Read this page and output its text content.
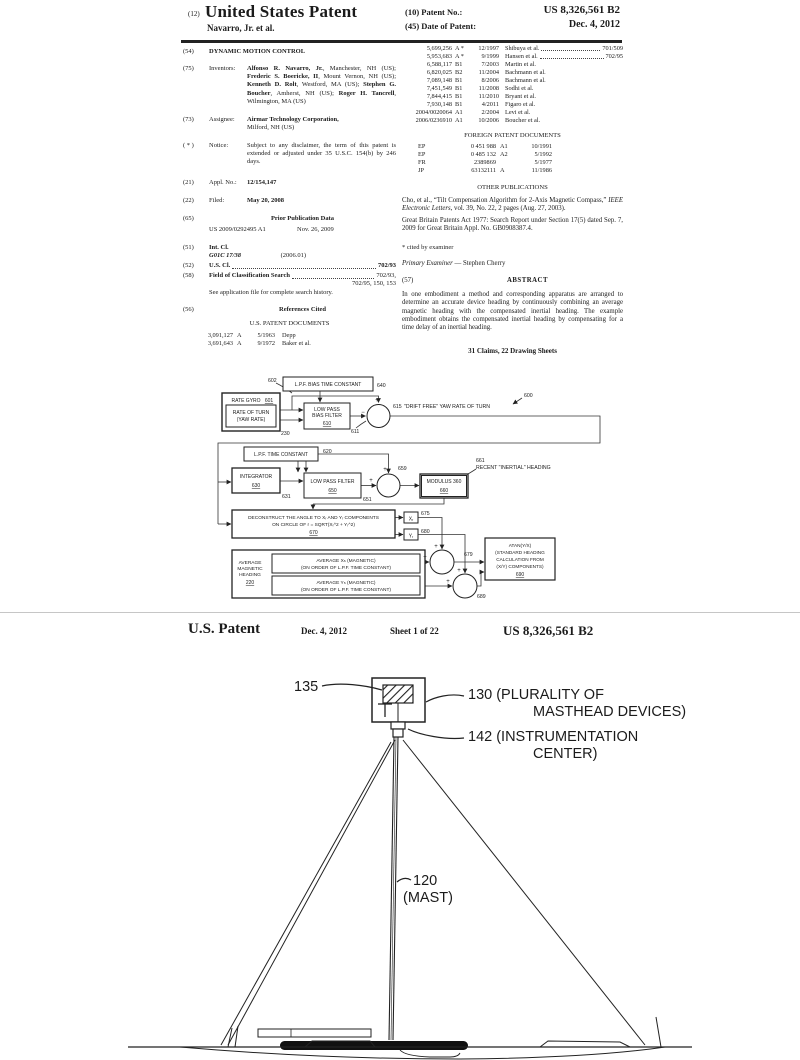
(12) United States Patent
Navarro, Jr. et al.
(10) Patent No.:	US 8,326,561 B2
(45) Date of Patent:	Dec. 4, 2012
(54)	DYNAMIC MOTION CONTROL
(75)	Inventors:	Alfonso R. Navarro, Jr., Manchester, NH (US); Frederic S. Boericke, II, Mount Vernon, NH (US); Kenneth D. Rolt, Westford, MA (US); Stephen G. Boucher, Amherst, NH (US); Roger H. Tancrell, Wilmington, MA (US)
(73)	Assignee:	Airmar Technology Corporation,
Milford, NH (US)
( * )	Notice:	Subject to any disclaimer, the term of this patent is extended or adjusted under 35 U.S.C. 154(b) by 246 days.
(21)	Appl. No.:	12/154,147
(22)	Filed:	May 20, 2008
(65)	Prior Publication Data
US 2009/0292495 A1	Nov. 26, 2009
(51)	Int. Cl.
G01C 17/38	(2006.01)
(52)	U.S. Cl.	702/93
(58)	Field of Classification Search	702/93,
702/95, 150, 153
See application file for complete search history.
(56)	References Cited
U.S. PATENT DOCUMENTS
3,091,127 A	5/1963	Depp
3,691,643 A	9/1972	Baker et al.
5,699,256 A *	12/1997 Shibuya et al.	701/509
5,953,683 A *	9/1999 Hansen et al.	702/95
6,588,117 B1	7/2003 Martin et al.
6,820,025 B2	11/2004 Bachmann et al.
7,089,148 B1	8/2006 Bachmann et al.
7,451,549 B1	11/2008 Sodhi et al.
7,844,415 B1	11/2010 Bryant et al.
7,930,148 B1	4/2011 Figaro et al.
2004/0020064 A1	2/2004 Levi et al.
2006/0236910 A1	10/2006 Boucher et al.
FOREIGN PATENT DOCUMENTS
EP	0 451 988 A1	10/1991
EP	0 485 132 A2	5/1992
FR	2389869	5/1977
JP	63132111 A	11/1986
OTHER PUBLICATIONS
Cho, et al., “Tilt Compensation Algorithm for 2-Axis Magnetic Compass,” IEEE Electronic Letters, vol. 39, No. 22, 2 pages (Aug. 27, 2003).
Great Britain Patents Act 1977: Search Report under Section 17(5) dated Sep. 7, 2009 for Great Britain Appl. No. GB0908387.4.
* cited by examiner
Primary Examiner — Stephen Cherry
(57)	ABSTRACT
In one embodiment a method and corresponding apparatus are arranged to determine an accurate device heading by continuously combining an average magnetic heading with the compensated inertial heading. The example embodiment obtains the compensated inertial heading by compensating for a time delay of an inertial heading.
31 Claims, 22 Drawing Sheets
L.P.F. BIAS TIME CONSTANT
RATE GYRO 601
RATE OF TURN
(YAW RATE)
LOW PASS
BIAS FILTER
610
L.P.F. TIME CONSTANT
INTEGRATOR
630
LOW PASS FILTER
650
MODULUS 360
660
DECONSTRUCT THE ANGLE TO Xᵣ AND Yᵣ COMPONENTS
ON CIRCLE OF r = SQRT(Xᵣ^2 + Yᵣ^2)
670
Xᵣ
Yᵣ
AVERAGE
MAGNETIC
HEADING
220
AVERAGE Xₕ (MAGNETIC)
(ON ORDER OF L.P.F. TIME CONSTANT)
AVERAGE Yₕ (MAGNETIC)
(ON ORDER OF L.P.F. TIME CONSTANT)
ATAN(Y/X)
(STANDARD HEADING
CALCULATION FROM
(X/Y) COMPONENTS)
690
602
640
230	611
615 "DRIFT FREE" YAW RATE OF TURN
600
620
631	651
659
661
RECENT "INERTIAL" HEADING
675
680
679
689
+
−
+
+
+
+
+
+
U.S. Patent	Dec. 4, 2012	Sheet 1 of 22	US 8,326,561 B2
135	130 (PLURALITY OF
MASTHEAD DEVICES)
142 (INSTRUMENTATION
CENTER)
120
(MAST)
